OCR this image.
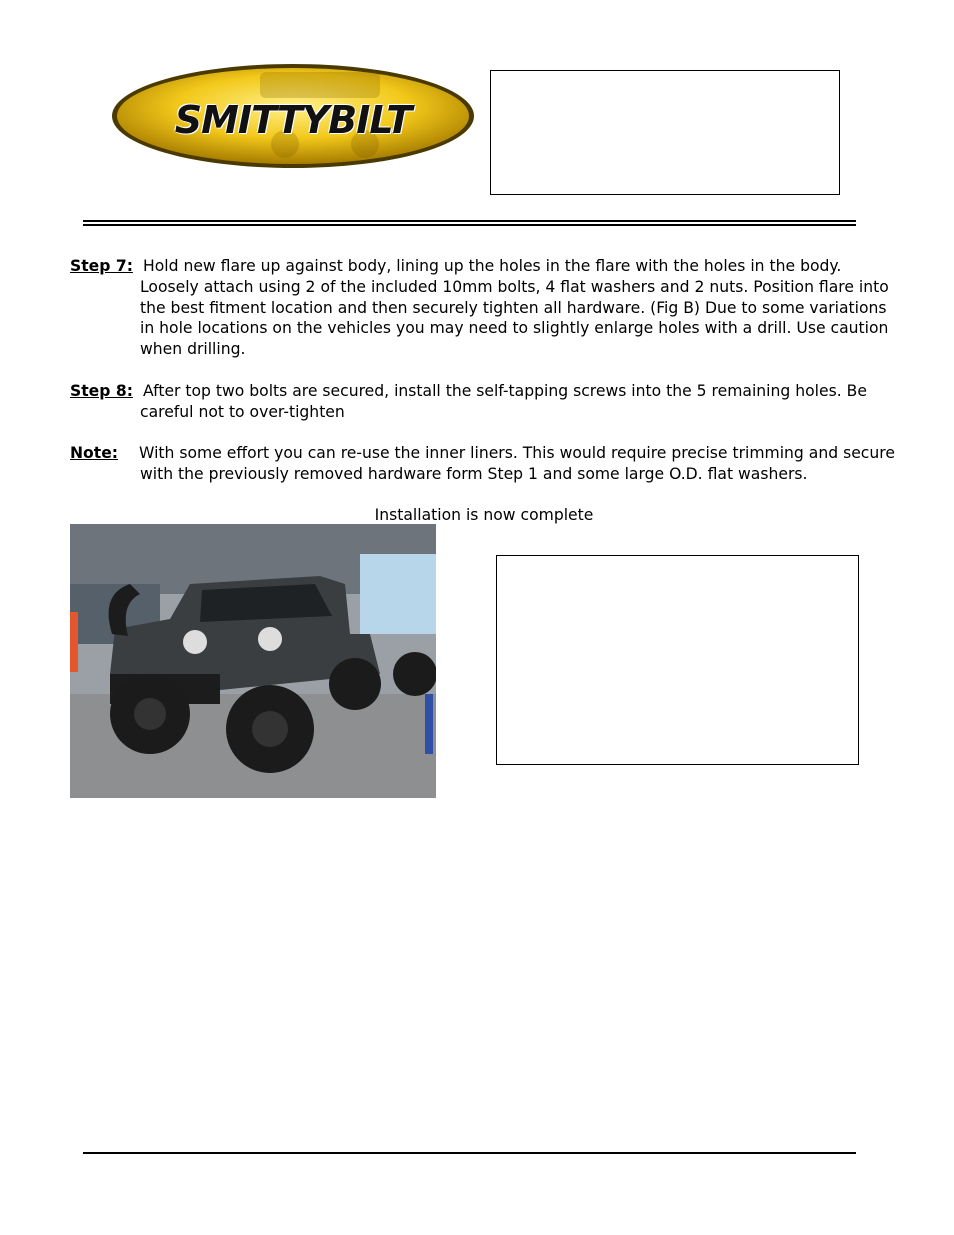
SMITTYBILT
Step 7: Hold new flare up against body, lining up the holes in the flare with the holes in the body.
Loosely attach using 2 of the included 10mm bolts, 4 flat washers and 2 nuts. Position flare into the best fitment location and then securely tighten all hardware. (Fig B) Due to some variations in hole locations on the vehicles you may need to slightly enlarge holes with a drill. Use caution when drilling.
Step 8: After top two bolts are secured, install the self-tapping screws into the 5 remaining holes. Be
careful not to over-tighten
Note: With some effort you can re-use the inner liners. This would require precise trimming and secure
with the previously removed hardware form Step 1 and some large O.D. flat washers.
Installation is now complete
